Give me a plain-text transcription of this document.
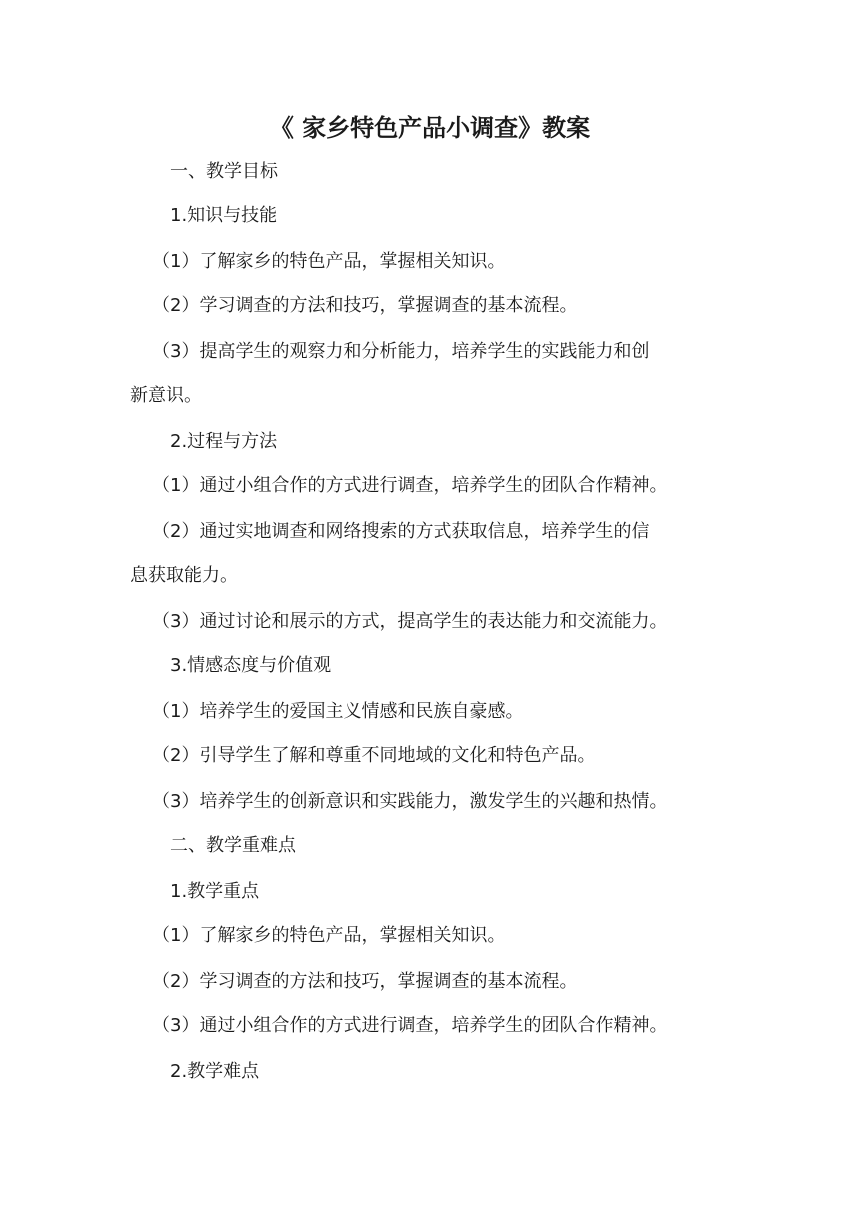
《 家乡特色产品小调查》教案
一、教学目标
1.知识与技能
（1）了解家乡的特色产品，掌握相关知识。
（2）学习调查的方法和技巧，掌握调查的基本流程。
（3）提高学生的观察力和分析能力，培养学生的实践能力和创
新意识。
2.过程与方法
（1）通过小组合作的方式进行调查，培养学生的团队合作精神。
（2）通过实地调查和网络搜索的方式获取信息，培养学生的信
息获取能力。
（3）通过讨论和展示的方式，提高学生的表达能力和交流能力。
3.情感态度与价值观
（1）培养学生的爱国主义情感和民族自豪感。
（2）引导学生了解和尊重不同地域的文化和特色产品。
（3）培养学生的创新意识和实践能力，激发学生的兴趣和热情。
二、教学重难点
1.教学重点
（1）了解家乡的特色产品，掌握相关知识。
（2）学习调查的方法和技巧，掌握调查的基本流程。
（3）通过小组合作的方式进行调查，培养学生的团队合作精神。
2.教学难点
